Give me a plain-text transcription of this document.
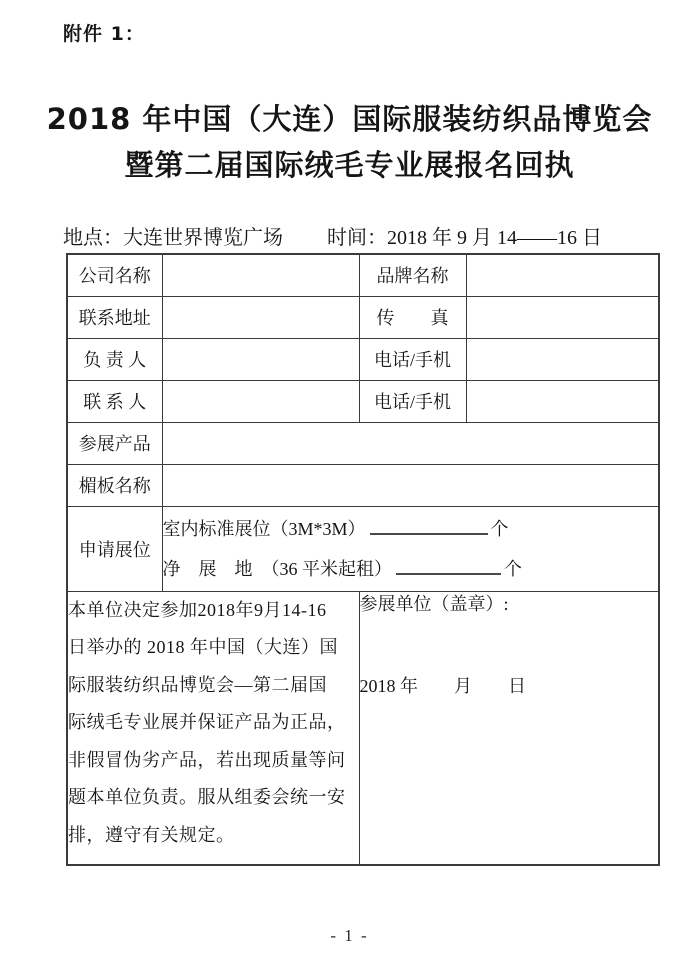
附件 1：
2018 年中国（大连）国际服装纺织品博览会
暨第二届国际绒毛专业展报名回执
地点：大连世界博览广场 时间：2018 年 9 月 14——16 日
公司名称		品牌名称	
联系地址		传　　真	
负 责 人		电话/手机	
联 系 人		电话/手机	
参展产品			
楣板名称			
申请展位	室内标准展位（3M*3M） 个
净　展　地　（36 平米起租） 个		

本单位决定参加2018年9月14-16
日举办的 2018 年中国（大连）国
际服装纺织品博览会—第二届国
际绒毛专业展并保证产品为正品，
非假冒伪劣产品，若出现质量等问
题本单位负责。服从组委会统一安
排，遵守有关规定。

参展单位（盖章）:
2018 年　　月　　日
- 1 -
